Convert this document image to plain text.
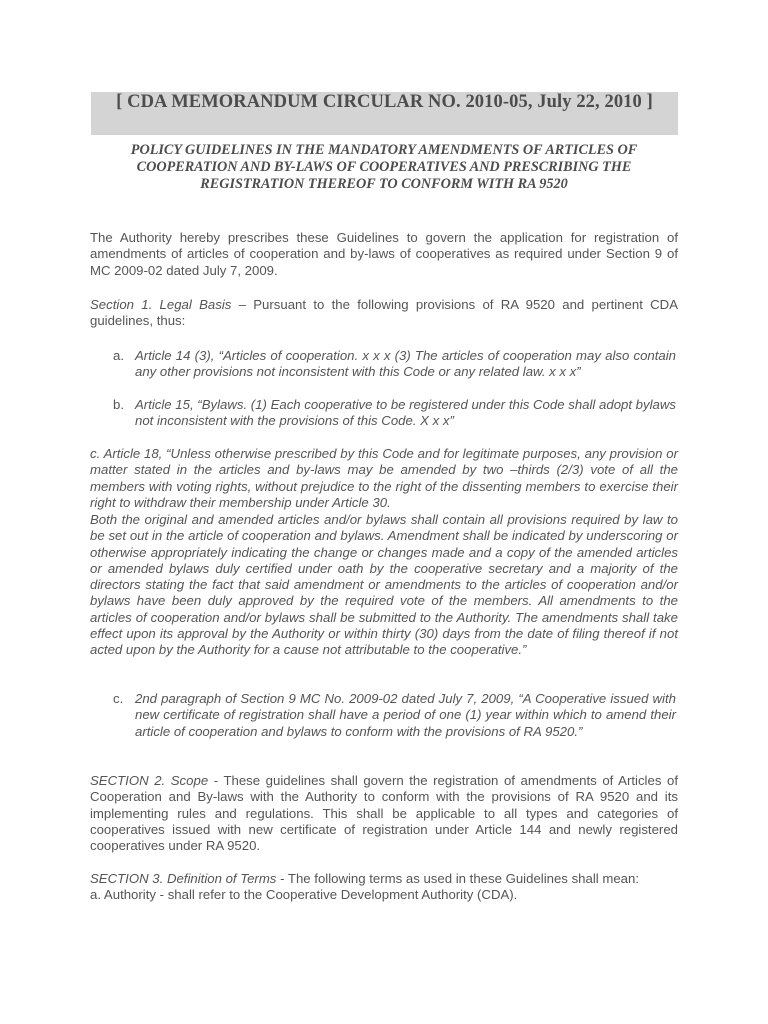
[ CDA MEMORANDUM CIRCULAR NO. 2010-05, July 22, 2010 ]
POLICY GUIDELINES IN THE MANDATORY AMENDMENTS OF ARTICLES OF COOPERATION AND BY-LAWS OF COOPERATIVES AND PRESCRIBING THE REGISTRATION THEREOF TO CONFORM WITH RA 9520
The Authority hereby prescribes these Guidelines to govern the application for registration of amendments of articles of cooperation and by-laws of cooperatives as required under Section 9 of MC 2009-02 dated July 7, 2009.
Section 1. Legal Basis – Pursuant to the following provisions of RA 9520 and pertinent CDA guidelines, thus:
a. Article 14 (3), “Articles of cooperation. x x x (3) The articles of cooperation may also contain any other provisions not inconsistent with this Code or any related law. x x x”
b. Article 15, “Bylaws. (1) Each cooperative to be registered under this Code shall adopt bylaws not inconsistent with the provisions of this Code. X x x”
c. Article 18, “Unless otherwise prescribed by this Code and for legitimate purposes, any provision or matter stated in the articles and by-laws may be amended by two –thirds (2/3) vote of all the members with voting rights, without prejudice to the right of the dissenting members to exercise their right to withdraw their membership under Article 30.
Both the original and amended articles and/or bylaws shall contain all provisions required by law to be set out in the article of cooperation and bylaws. Amendment shall be indicated by underscoring or otherwise appropriately indicating the change or changes made and a copy of the amended articles or amended bylaws duly certified under oath by the cooperative secretary and a majority of the directors stating the fact that said amendment or amendments to the articles of cooperation and/or bylaws have been duly approved by the required vote of the members. All amendments to the articles of cooperation and/or bylaws shall be submitted to the Authority. The amendments shall take effect upon its approval by the Authority or within thirty (30) days from the date of filing thereof if not acted upon by the Authority for a cause not attributable to the cooperative.”
c. 2nd paragraph of Section 9 MC No. 2009-02 dated July 7, 2009, “A Cooperative issued with new certificate of registration shall have a period of one (1) year within which to amend their article of cooperation and bylaws to conform with the provisions of RA 9520.”
SECTION 2. Scope - These guidelines shall govern the registration of amendments of Articles of Cooperation and By-laws with the Authority to conform with the provisions of RA 9520 and its implementing rules and regulations. This shall be applicable to all types and categories of cooperatives issued with new certificate of registration under Article 144 and newly registered cooperatives under RA 9520.
SECTION 3. Definition of Terms - The following terms as used in these Guidelines shall mean:
a. Authority - shall refer to the Cooperative Development Authority (CDA).
